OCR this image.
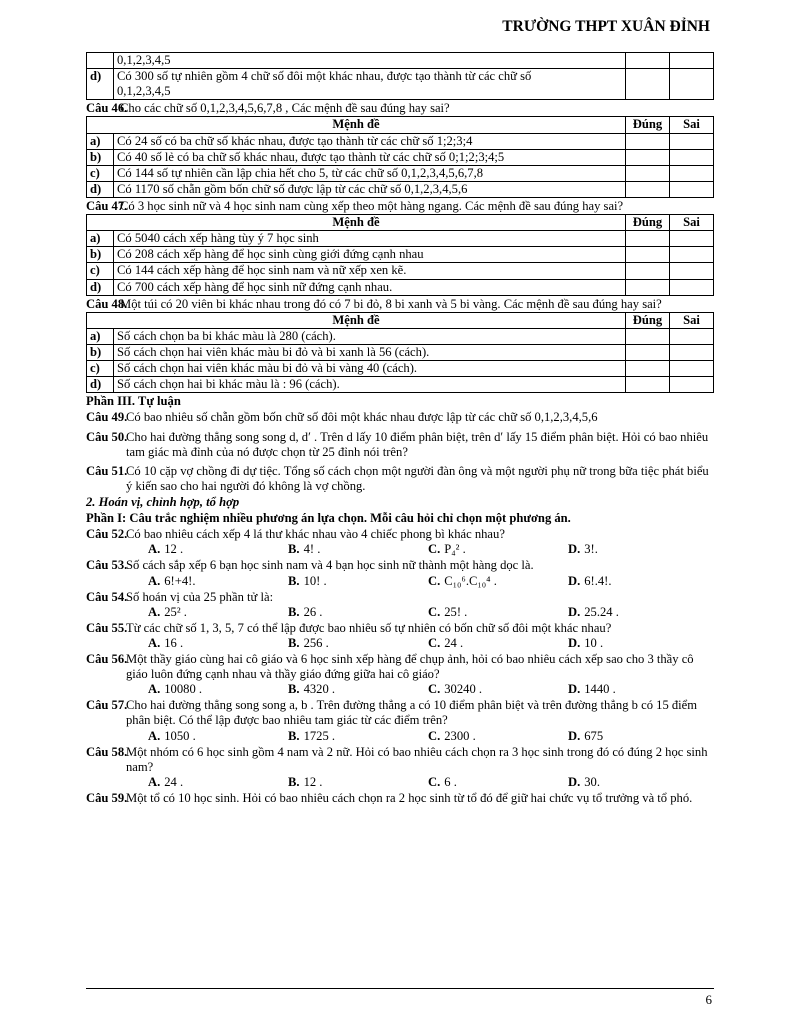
TRƯỜNG THPT XUÂN ĐỈNH
	0,1,2,3,4,5		
d)	Có 300 số tự nhiên gồm 4 chữ số đôi một khác nhau, được tạo thành từ các chữ số
0,1,2,3,4,5		
Câu 46.
Cho các chữ số 0,1,2,3,4,5,6,7,8 , Các mệnh đề sau đúng hay sai?
Mệnh đề		Đúng	Sai
a)	Có 24 số có ba chữ số khác nhau, được tạo thành từ các chữ số 1;2;3;4		
b)	Có 40 số lẻ có ba chữ số khác nhau, được tạo thành từ các chữ số 0;1;2;3;4;5		
c)	Có 144 số tự nhiên cần lập chia hết cho 5, từ các chữ số 0,1,2,3,4,5,6,7,8		
d)	Có 1170 số chẵn gồm bốn chữ số được lập từ các chữ số 0,1,2,3,4,5,6		
Câu 47.
Có 3 học sinh nữ và 4 học sinh nam cùng xếp theo một hàng ngang. Các mệnh đề sau đúng hay sai?
Mệnh đề		Đúng	Sai
a)	Có 5040 cách xếp hàng tùy ý 7 học sinh		
b)	Có 208 cách xếp hàng để học sinh cùng giới đứng cạnh nhau		
c)	Có 144 cách xếp hàng để học sinh nam và nữ xếp xen kẽ.		
d)	Có 700 cách xếp hàng để học sinh nữ đứng cạnh nhau.		
Câu 48.
Một túi có 20 viên bi khác nhau trong đó có 7 bi đỏ, 8 bi xanh và 5 bi vàng. Các mệnh đề sau đúng hay sai?
Mệnh đề		Đúng	Sai
a)	Số cách chọn ba bi khác màu là 280 (cách).		
b)	Số cách chọn hai viên khác màu bi đỏ và bi xanh là 56 (cách).		
c)	Số cách chọn hai viên khác màu bi đỏ và bi vàng 40 (cách).		
d)	Số cách chọn hai bi khác màu là : 96 (cách).		
Phần III. Tự luận
Câu 49.
Có bao nhiêu số chẵn gồm bốn chữ số đôi một khác nhau được lập từ các chữ số 0,1,2,3,4,5,6
Câu 50.
Cho hai đường thẳng song song d, d′ . Trên d lấy 10 điểm phân biệt, trên d′ lấy 15 điểm phân biệt. Hỏi có bao nhiêu tam giác mà đỉnh của nó được chọn từ 25 đỉnh nói trên?
Câu 51.
Có 10 cặp vợ chồng đi dự tiệc. Tổng số cách chọn một người đàn ông và một người phụ nữ trong bữa tiệc phát biểu ý kiến sao cho hai người đó không là vợ chồng.
2. Hoán vị, chỉnh hợp, tổ hợp
Phần I: Câu trắc nghiệm nhiều phương án lựa chọn. Mỗi câu hỏi chỉ chọn một phương án.
Câu 52.
Có bao nhiêu cách xếp 4 lá thư khác nhau vào 4 chiếc phong bì khác nhau?
A. 12 .	B. 4! .	C. P₄² .	D. 3!.
Câu 53.
Số cách sắp xếp 6 bạn học sinh nam và 4 bạn học sinh nữ thành một hàng dọc là.
A. 6!+4!.	B. 10! .	C. C₁₀⁶.C₁₀⁴ .	D. 6!.4!.
Câu 54.
Số hoán vị của 25 phần tử là:
A. 25² .	B. 26 .	C. 25! .	D. 25.24 .
Câu 55.
Từ các chữ số 1, 3, 5, 7 có thể lập được bao nhiêu số tự nhiên có bốn chữ số đôi một khác nhau?
A. 16 .	B. 256 .	C. 24 .	D. 10 .
Câu 56.
Một thầy giáo cùng hai cô giáo và 6 học sinh xếp hàng để chụp ảnh, hỏi có bao nhiêu cách xếp sao cho 3 thầy cô giáo luôn đứng cạnh nhau và thầy giáo đứng giữa hai cô giáo?
A. 10080 .	B. 4320 .	C. 30240 .	D. 1440 .
Câu 57.
Cho hai đường thẳng song song a, b . Trên đường thẳng a có 10 điểm phân biệt và trên đường thẳng b có 15 điểm phân biệt. Có thể lập được bao nhiêu tam giác từ các điểm trên?
A. 1050 .	B. 1725 .	C. 2300 .	D. 675
Câu 58.
Một nhóm có 6 học sinh gồm 4 nam và 2 nữ. Hỏi có bao nhiêu cách chọn ra 3 học sinh trong đó có đúng 2 học sinh nam?
A. 24 .	B. 12 .	C. 6 .	D. 30.
Câu 59.
Một tổ có 10 học sinh. Hỏi có bao nhiêu cách chọn ra 2 học sinh từ tổ đó để giữ hai chức vụ tổ trưởng và tổ phó.
6
